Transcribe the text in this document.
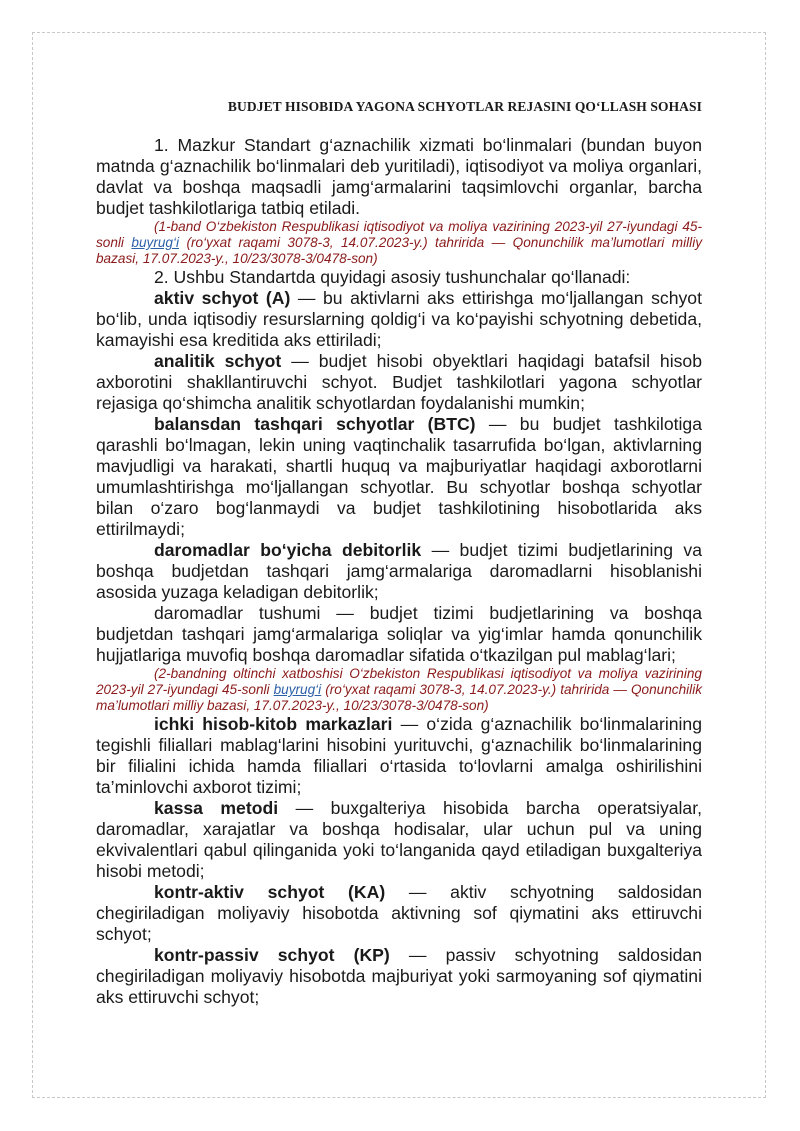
BUDJET HISOBIDA YAGONA SCHYOTLAR REJASINI QO‘LLASH SOHASI

1. Mazkur Standart g‘aznachilik xizmati bo‘linmalari (bundan buyon matnda g‘aznachilik bo‘linmalari deb yuritiladi), iqtisodiyot va moliya organlari, davlat va boshqa maqsadli jamg‘armalarini taqsimlovchi organlar, barcha budjet tashkilotlariga tatbiq etiladi.

(1-band O‘zbekiston Respublikasi iqtisodiyot va moliya vazirining 2023-yil 27-iyundagi 45-sonli buyrug‘i (ro‘yxat raqami 3078-3, 14.07.2023-y.) tahririda — Qonunchilik ma’lumotlari milliy bazasi, 17.07.2023-y., 10/23/3078-3/0478-son)

2. Ushbu Standartda quyidagi asosiy tushunchalar qo‘llanadi:

aktiv schyot (A) — bu aktivlarni aks ettirishga mo‘ljallangan schyot bo‘lib, unda iqtisodiy resurslarning qoldig‘i va ko‘payishi schyotning debetida, kamayishi esa kreditida aks ettiriladi;

analitik schyot — budjet hisobi obyektlari haqidagi batafsil hisob axborotini shakllantiruvchi schyot. Budjet tashkilotlari yagona schyotlar rejasiga qo‘shimcha analitik schyotlardan foydalanishi mumkin;

balansdan tashqari schyotlar (BTC) — bu budjet tashkilotiga qarashli bo‘lmagan, lekin uning vaqtinchalik tasarrufida bo‘lgan, aktivlarning mavjudligi va harakati, shartli huquq va majburiyatlar haqidagi axborotlarni umumlashtirishga mo‘ljallangan schyotlar. Bu schyotlar boshqa schyotlar bilan o‘zaro bog‘lanmaydi va budjet tashkilotining hisobotlarida aks ettirilmaydi;

daromadlar bo‘yicha debitorlik — budjet tizimi budjetlarining va boshqa budjetdan tashqari jamg‘armalariga daromadlarni hisoblanishi asosida yuzaga keladigan debitorlik;

daromadlar tushumi — budjet tizimi budjetlarining va boshqa budjetdan tashqari jamg‘armalariga soliqlar va yig‘imlar hamda qonunchilik hujjatlariga muvofiq boshqa daromadlar sifatida o‘tkazilgan pul mablag‘lari;

(2-bandning oltinchi xatboshisi O‘zbekiston Respublikasi iqtisodiyot va moliya vazirining 2023-yil 27-iyundagi 45-sonli buyrug‘i (ro‘yxat raqami 3078-3, 14.07.2023-y.) tahririda — Qonunchilik ma’lumotlari milliy bazasi, 17.07.2023-y., 10/23/3078-3/0478-son)

ichki hisob-kitob markazlari — o‘zida g‘aznachilik bo‘linmalarining tegishli filiallari mablag‘larini hisobini yurituvchi, g‘aznachilik bo‘linmalarining bir filialini ichida hamda filiallari o‘rtasida to‘lovlarni amalga oshirilishini ta’minlovchi axborot tizimi;

kassa metodi — buxgalteriya hisobida barcha operatsiyalar, daromadlar, xarajatlar va boshqa hodisalar, ular uchun pul va uning ekvivalentlari qabul qilinganida yoki to‘langanida qayd etiladigan buxgalteriya hisobi metodi;

kontr-aktiv schyot (KA) — aktiv schyotning saldosidan chegiriladigan moliyaviy hisobotda aktivning sof qiymatini aks ettiruvchi schyot;

kontr-passiv schyot (KP) — passiv schyotning saldosidan chegiriladigan moliyaviy hisobotda majburiyat yoki sarmoyaning sof qiymatini aks ettiruvchi schyot;
